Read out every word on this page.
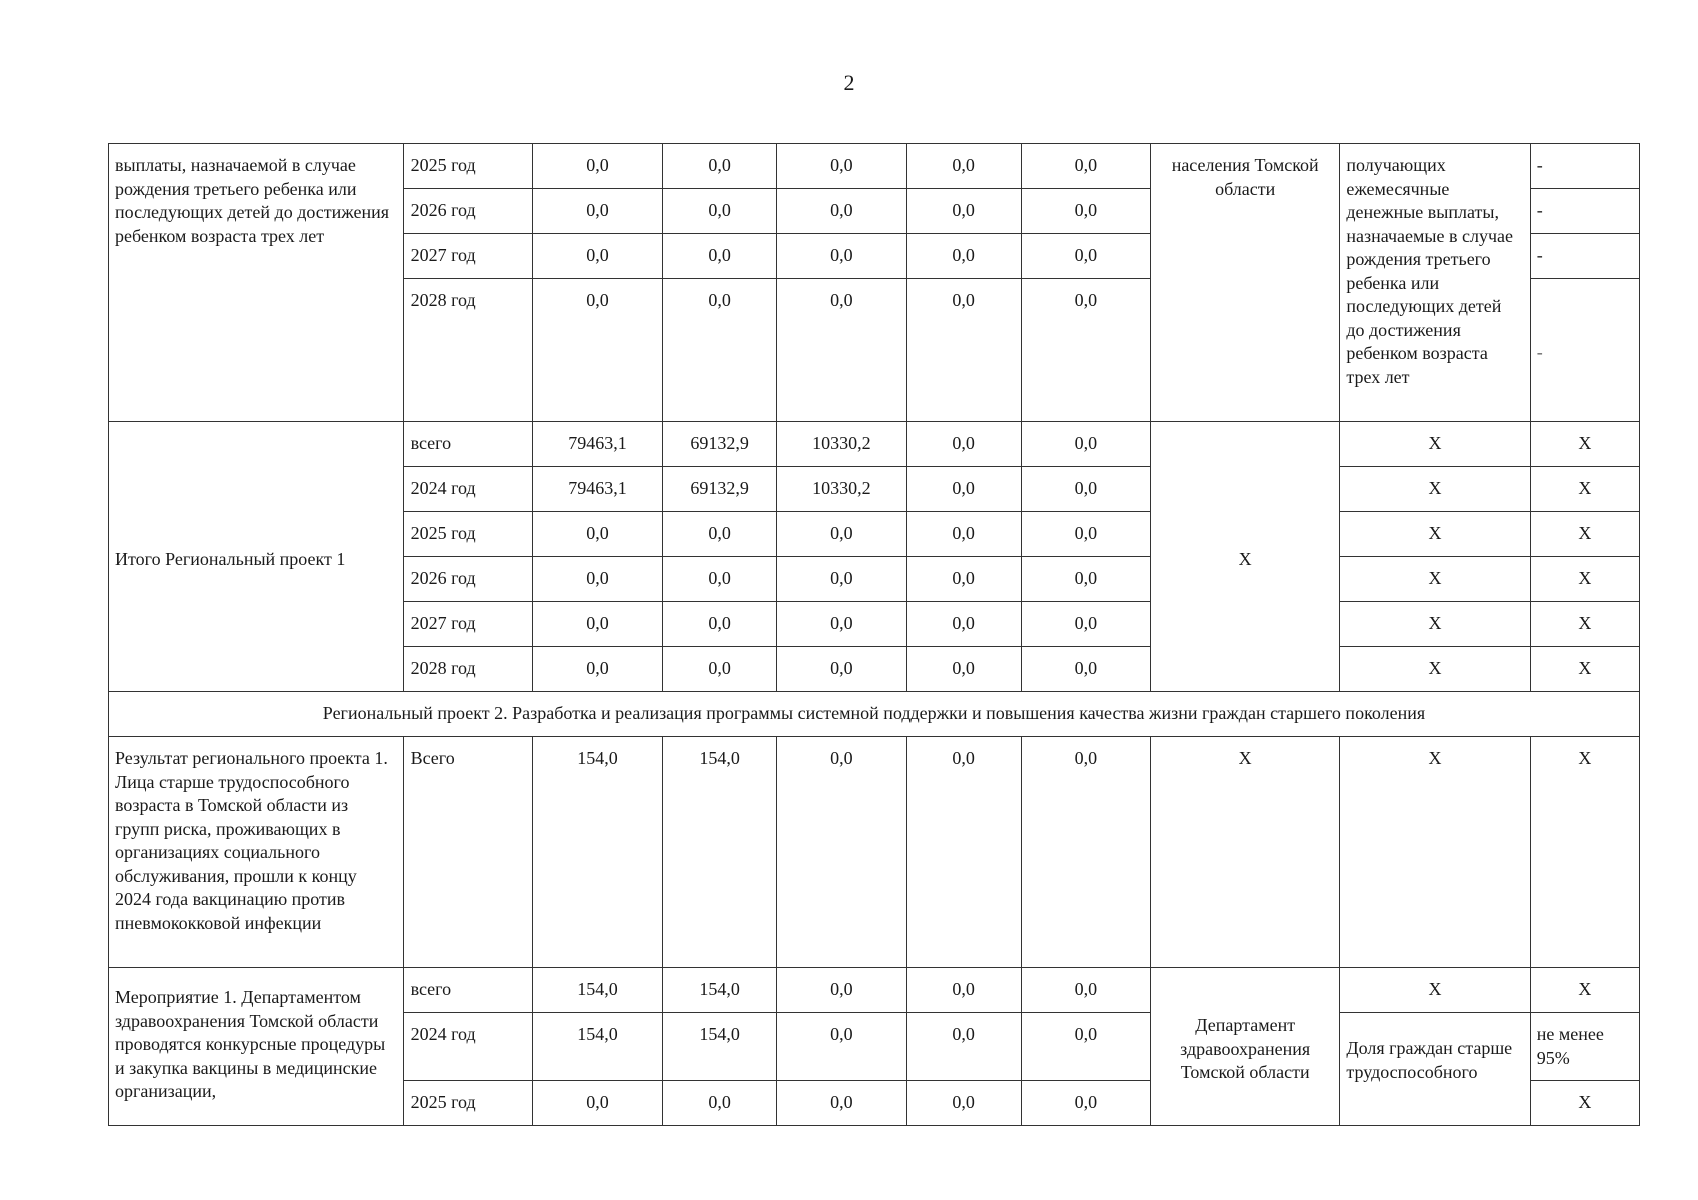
2
выплаты, назначаемой в случае рождения третьего ребенка или последующих детей до достижения ребенком возраста трех лет	2025 год	0,0	0,0	0,0	0,0	0,0	населения Томской области	получающих ежемесячные денежные выплаты, назначаемые в случае рождения третьего ребенка или последующих детей до достижения ребенком возраста трех лет	-
	2026 год	0,0	0,0	0,0	0,0	0,0			-
	2027 год	0,0	0,0	0,0	0,0	0,0			-
	2028 год	0,0	0,0	0,0	0,0	0,0			-
Итого Региональный проект 1	всего	79463,1	69132,9	10330,2	0,0	0,0	X	X	X
	2024 год	79463,1	69132,9	10330,2	0,0	0,0		X	X
	2025 год	0,0	0,0	0,0	0,0	0,0		X	X
	2026 год	0,0	0,0	0,0	0,0	0,0		X	X
	2027 год	0,0	0,0	0,0	0,0	0,0		X	X
	2028 год	0,0	0,0	0,0	0,0	0,0		X	X
Региональный проект 2. Разработка и реализация программы системной поддержки и повышения качества жизни граждан старшего поколения									
Результат регионального проекта 1. Лица старше трудоспособного возраста в Томской области из групп риска, проживающих в организациях социального обслуживания, прошли к концу 2024 года вакцинацию против пневмококковой инфекции	Всего	154,0	154,0	0,0	0,0	0,0	X	X	X
Мероприятие 1. Департаментом здравоохранения Томской области проводятся конкурсные процедуры и закупка вакцины в медицинские организации,	всего	154,0	154,0	0,0	0,0	0,0	Департамент здравоохранения Томской области	X	X
	2024 год	154,0	154,0	0,0	0,0	0,0		Доля граждан старше трудоспособного	не менее 95%
	2025 год	0,0	0,0	0,0	0,0	0,0			X
